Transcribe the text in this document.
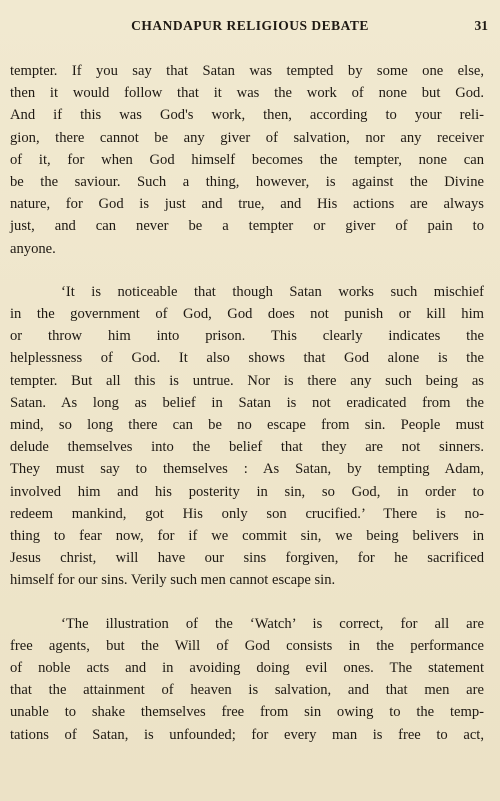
CHANDAPUR RELIGIOUS DEBATE	31

tempter. If you say that Satan was tempted by some one else,
then it would follow that it was the work of none but God.
And if this was God's work, then, according to your reli-
gion, there cannot be any giver of salvation, nor any receiver
of it, for when God himself becomes the tempter, none can
be the saviour. Such a thing, however, is against the Divine
nature, for God is just and true, and His actions are always
just, and can never be a tempter or giver of pain to
anyone.

‘It is noticeable that though Satan works such mischief
in the government of God, God does not punish or kill him
or throw him into prison. This clearly indicates the
helplessness of God. It also shows that God alone is the
tempter. But all this is untrue. Nor is there any such being as
Satan. As long as belief in Satan is not eradicated from the
mind, so long there can be no escape from sin. People must
delude themselves into the belief that they are not sinners.
They must say to themselves : As Satan, by tempting Adam,
involved him and his posterity in sin, so God, in order to
redeem mankind, got His only son crucified.’ There is no-
thing to fear now, for if we commit sin, we being belivers in
Jesus christ, will have our sins forgiven, for he sacrificed
himself for our sins. Verily such men cannot escape sin.

‘The illustration of the ‘Watch’ is correct, for all are
free agents, but the Will of God consists in the performance
of noble acts and in avoiding doing evil ones. The statement
that the attainment of heaven is salvation, and that men are
unable to shake themselves free from sin owing to the temp-
tations of Satan, is unfounded; for every man is free to act,
